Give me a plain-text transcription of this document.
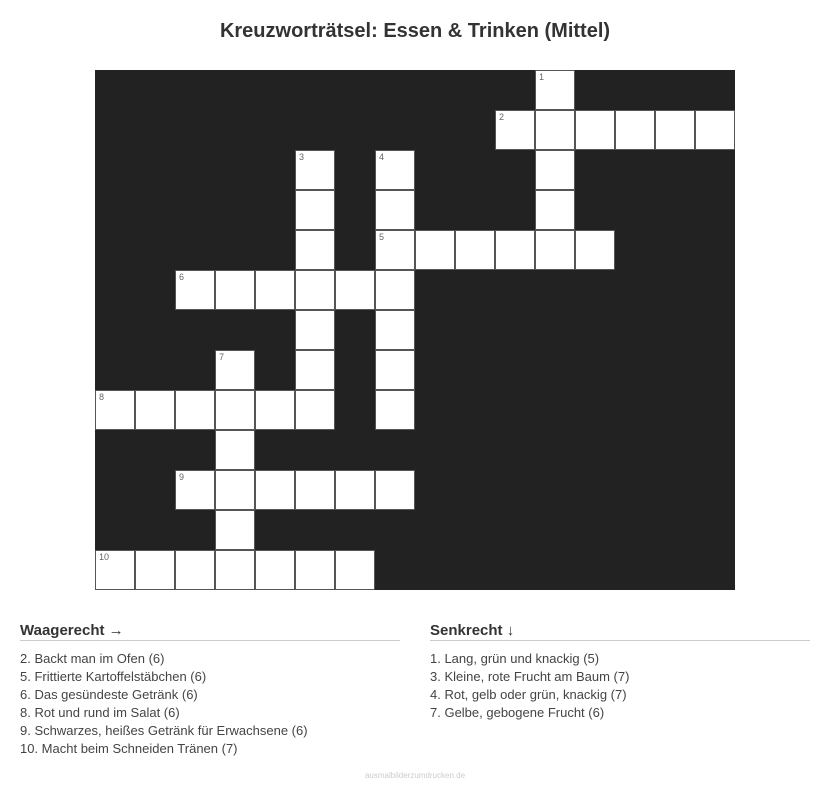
Kreuzworträtsel: Essen & Trinken (Mittel)
1
2
3	4
5
6
7
8
9
10
Waagerecht →
2. Backt man im Ofen (6)
5. Frittierte Kartoffelstäbchen (6)
6. Das gesündeste Getränk (6)
8. Rot und rund im Salat (6)
9. Schwarzes, heißes Getränk für Erwachsene (6)
10. Macht beim Schneiden Tränen (7)
Senkrecht ↓
1. Lang, grün und knackig (5)
3. Kleine, rote Frucht am Baum (7)
4. Rot, gelb oder grün, knackig (7)
7. Gelbe, gebogene Frucht (6)
ausmalbilderzumdrucken.de
